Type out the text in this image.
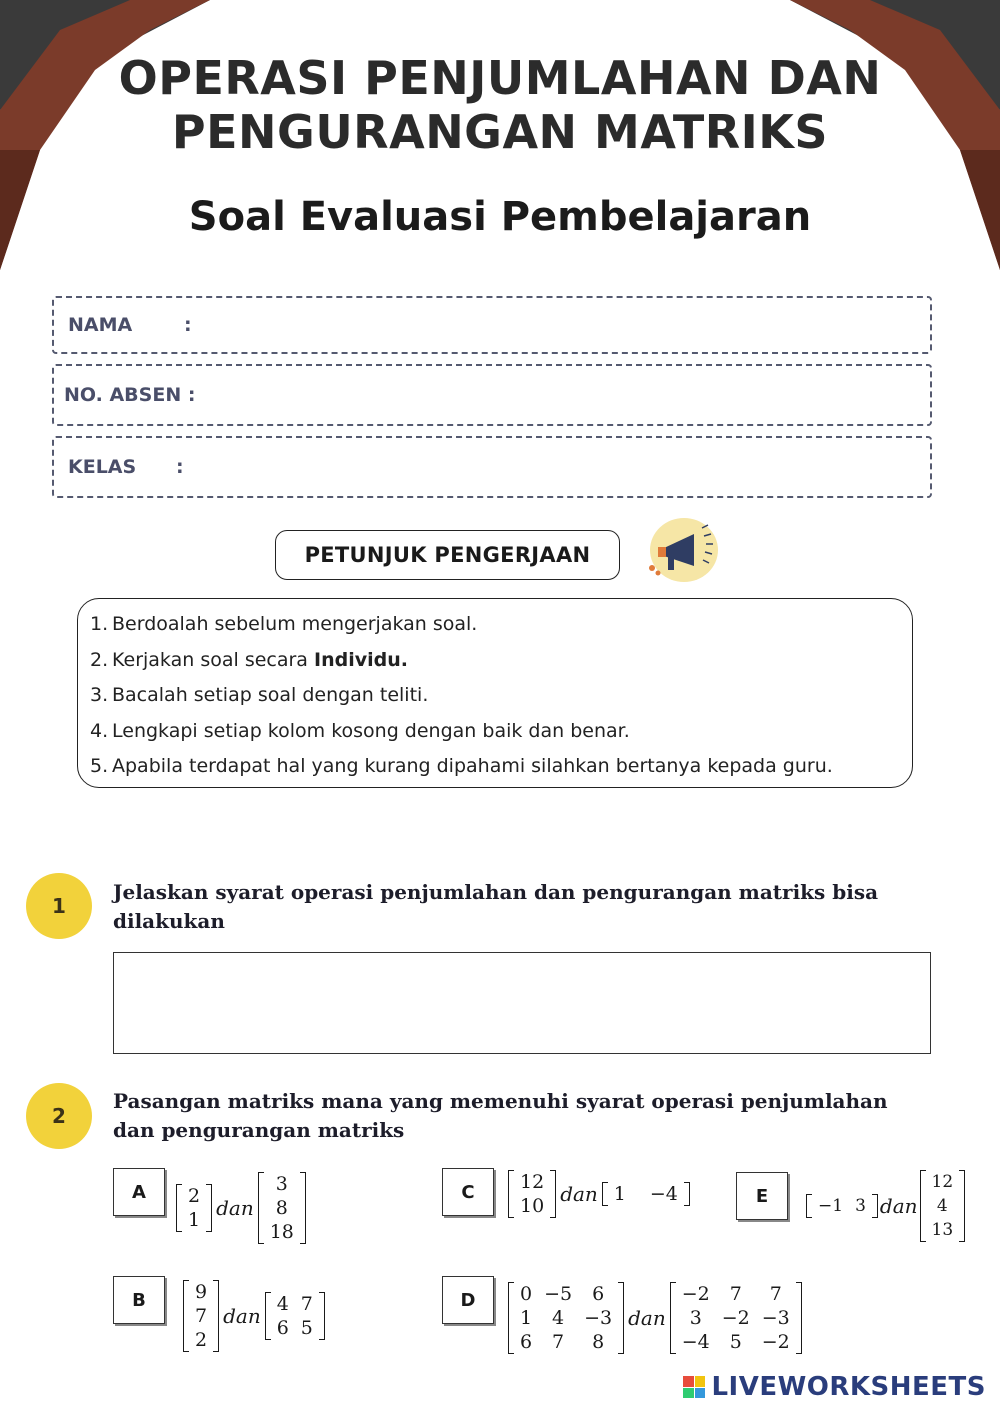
OPERASI PENJUMLAHAN DAN
PENGURANGAN MATRIKS
Soal Evaluasi Pembelajaran
NAMA	:
NO. ABSEN :
KELAS :
PETUNJUK PENGERJAAN
1. Berdoalah sebelum mengerjakan soal.
2. Kerjakan soal secara Individu.
3. Bacalah setiap soal dengan teliti.
4. Lengkapi setiap kolom kosong dengan baik dan benar.
5. Apabila terdapat hal yang kurang dipahami silahkan bertanya kepada guru.
1
Jelaskan syarat operasi penjumlahan dan pengurangan matriks bisa dilakukan
2
Pasangan matriks mana yang memenuhi syarat operasi penjumlahan dan pengurangan matriks
A	2
1 dan
3
8
18
B	9
7
2
dan 4	7
6	5
C	12
10 dan 1	−4
D	0	−5	6
1	4	−3
6	7	8
dan
−2	7	7
3	−2	−3
−4	5	−2
E	−1	3 dan
12
4
13
LIVEWORKSHEETS
